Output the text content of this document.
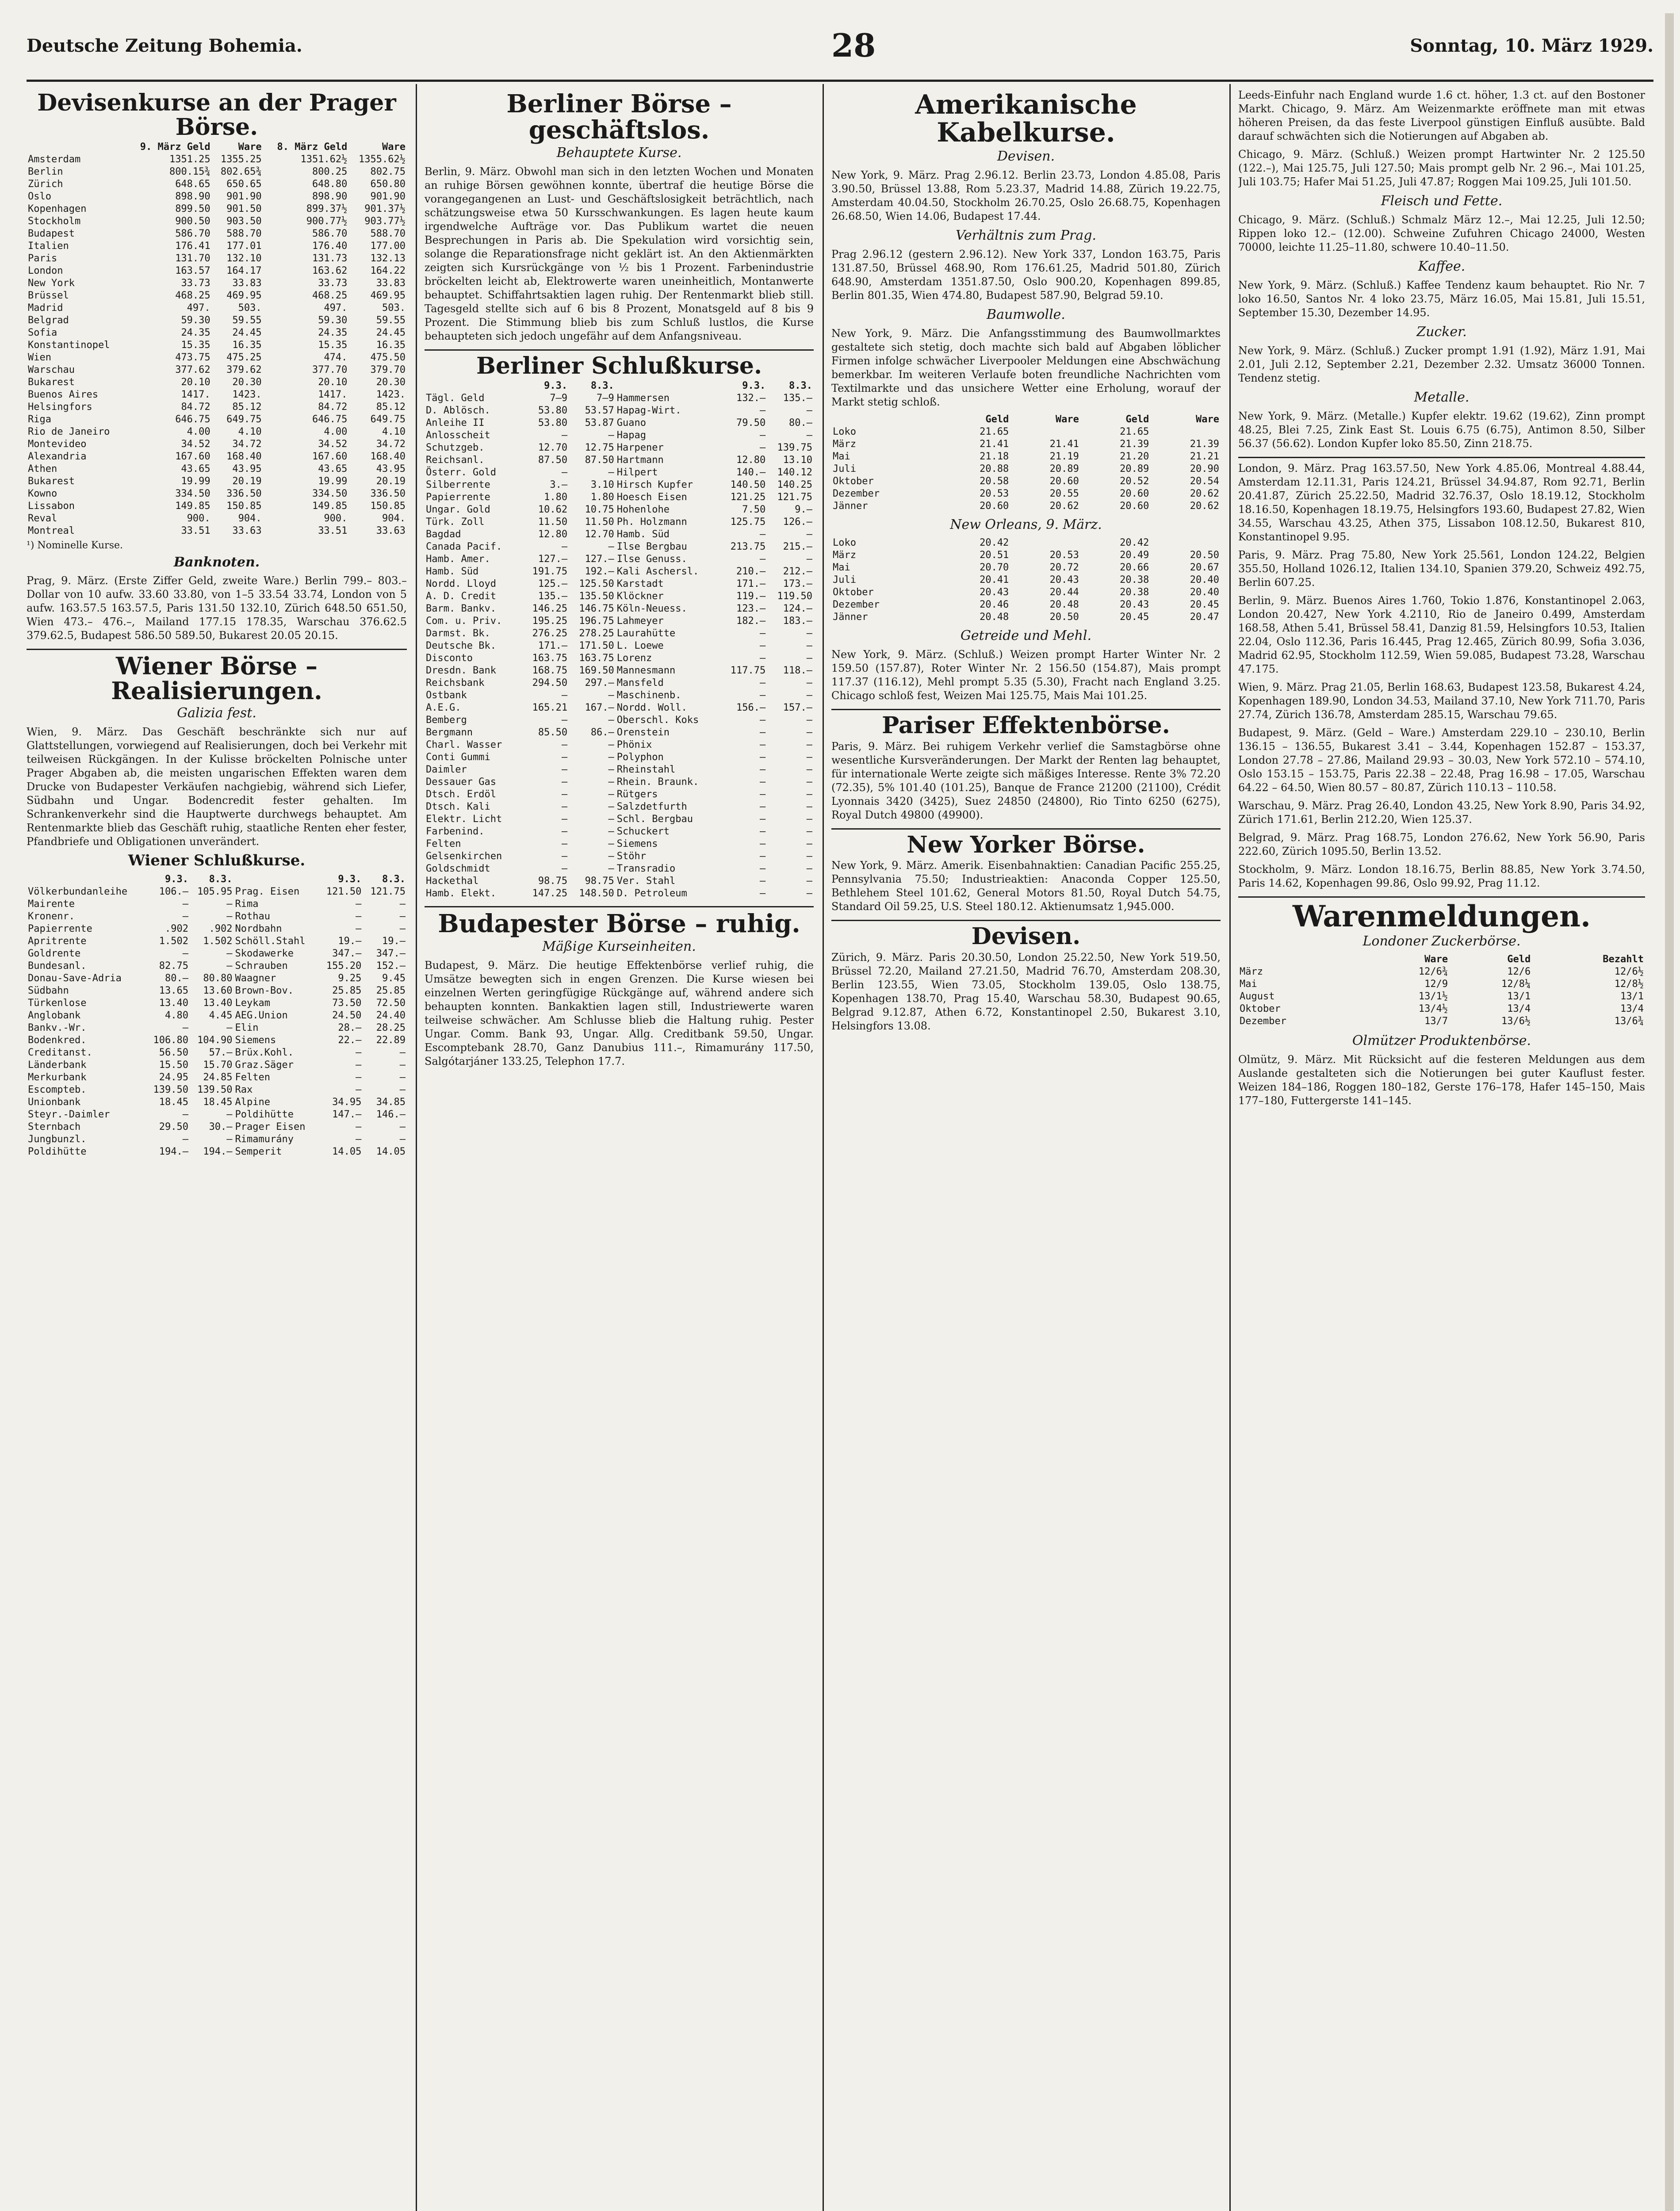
Deutsche Zeitung Bohemia.	28	Sonntag, 10. März 1929.
Devisenkurse an der Prager Börse.
	9. März Geld	Ware	8. März Geld	Ware
Amsterdam	1351.25	1355.25	1351.62½	1355.62½
Berlin	800.15¾	802.65¾	800.25	802.75
Zürich	648.65	650.65	648.80	650.80
Oslo	898.90	901.90	898.90	901.90
Kopenhagen	899.50	901.50	899.37½	901.37½
Stockholm	900.50	903.50	900.77½	903.77½
Budapest	586.70	588.70	586.70	588.70
Italien	176.41	177.01	176.40	177.00
Paris	131.70	132.10	131.73	132.13
London	163.57	164.17	163.62	164.22
New York	33.73	33.83	33.73	33.83
Brüssel	468.25	469.95	468.25	469.95
Madrid	497.	503.	497.	503.
Belgrad	59.30	59.55	59.30	59.55
Sofia	24.35	24.45	24.35	24.45
Konstantinopel	15.35	16.35	15.35	16.35
Wien	473.75	475.25	474.	475.50
Warschau	377.62	379.62	377.70	379.70
Bukarest	20.10	20.30	20.10	20.30
Buenos Aires	1417.	1423.	1417.	1423.
Helsingfors	84.72	85.12	84.72	85.12
Riga	646.75	649.75	646.75	649.75
Rio de Janeiro	4.00	4.10	4.00	4.10
Montevideo	34.52	34.72	34.52	34.72
Alexandria	167.60	168.40	167.60	168.40
Athen	43.65	43.95	43.65	43.95
Bukarest	19.99	20.19	19.99	20.19
Kowno	334.50	336.50	334.50	336.50
Lissabon	149.85	150.85	149.85	150.85
Reval	900.	904.	900.	904.
Montreal	33.51	33.63	33.51	33.63
¹) Nominelle Kurse.
Banknoten.

Prag, 9. März. (Erste Ziffer Geld, zweite Ware.) Berlin 799.– 803.– Dollar von 10 aufw. 33.60 33.80, von 1–5 33.54 33.74, London von 5 aufw. 163.57.5 163.57.5, Paris 131.50 132.10, Zürich 648.50 651.50, Wien 473.– 476.–, Mailand 177.15 178.35, Warschau 376.62.5 379.62.5, Budapest 586.50 589.50, Bukarest 20.05 20.15.

Wiener Börse – Realisierungen.
Galizia fest.

Wien, 9. März. Das Geschäft beschränkte sich nur auf Glattstellungen, vorwiegend auf Realisierungen, doch bei Verkehr mit teilweisen Rückgängen. In der Kulisse bröckelten Polnische unter Prager Abgaben ab, die meisten ungarischen Effekten waren dem Drucke von Budapester Verkäufen nachgiebig, während sich Liefer, Südbahn und Ungar. Bodencredit fester gehalten. Im Schrankenverkehr sind die Hauptwerte durchwegs behauptet. Am Rentenmarkte blieb das Geschäft ruhig, staatliche Renten eher fester, Pfandbriefe und Obligationen unverändert.

Wiener Schlußkurse.
	9.3.	8.3.		9.3.	8.3.
Völkerbundanleihe	106.–	105.95	Prag. Eisen	121.50	121.75
Mairente	–	–	Rima	–	–
Kronenr.	–	–	Rothau	–	–
Papierrente	.902	.902	Nordbahn	–	–
Apritrente	1.502	1.502	Schöll.Stahl	19.–	19.–
Goldrente	–	–	Skodawerke	347.–	347.–
Bundesanl.	82.75	–	Schrauben	155.20	152.–
Donau-Save-Adria	80.–	80.80	Waagner	9.25	9.45
Südbahn	13.65	13.60	Brown-Bov.	25.85	25.85
Türkenlose	13.40	13.40	Leykam	73.50	72.50
Anglobank	4.80	4.45	AEG.Union	24.50	24.40
Bankv.-Wr.	–	–	Elin	28.–	28.25
Bodenkred.	106.80	104.90	Siemens	22.–	22.89
Creditanst.	56.50	57.–	Brüx.Kohl.	–	–
Länderbank	15.50	15.70	Graz.Säger	–	–
Merkurbank	24.95	24.85	Felten	–	–
Escompteb.	139.50	139.50	Rax	–	–
Unionbank	18.45	18.45	Alpine	34.95	34.85
Steyr.-Daimler	–	–	Poldihütte	147.–	146.–
Sternbach	29.50	30.–	Prager Eisen	–	–
Jungbunzl.	–	–	Rimamurány	–	–
Poldihütte	194.–	194.–	Semperit	14.05	14.05
Berliner Börse – geschäftslos.
Behauptete Kurse.

Berlin, 9. März. Obwohl man sich in den letzten Wochen und Monaten an ruhige Börsen gewöhnen konnte, übertraf die heutige Börse die vorangegangenen an Lust- und Geschäftslosigkeit beträchtlich, nach schätzungsweise etwa 50 Kursschwankungen. Es lagen heute kaum irgendwelche Aufträge vor. Das Publikum wartet die neuen Besprechungen in Paris ab. Die Spekulation wird vorsichtig sein, solange die Reparationsfrage nicht geklärt ist. An den Aktienmärkten zeigten sich Kursrückgänge von ½ bis 1 Prozent. Farbenindustrie bröckelten leicht ab, Elektrowerte waren uneinheitlich, Montanwerte behauptet. Schiffahrtsaktien lagen ruhig. Der Rentenmarkt blieb still. Tagesgeld stellte sich auf 6 bis 8 Prozent, Monatsgeld auf 8 bis 9 Prozent. Die Stimmung blieb bis zum Schluß lustlos, die Kurse behaupteten sich jedoch ungefähr auf dem Anfangsniveau.

Berliner Schlußkurse.
	9.3.	8.3.		9.3.	8.3.
Tägl. Geld	7–9	7–9	Hammersen	132.–	135.–
D. Ablösch.	53.80	53.57	Hapag-Wirt.	–	–
Anleihe II	53.80	53.87	Guano	79.50	80.–
Anlosscheit	–	–	Hapag	–	–
Schutzgeb.	12.70	12.75	Harpener	–	139.75
Reichsanl.	87.50	87.50	Hartmann	12.80	13.10
Österr. Gold	–	–	Hilpert	140.–	140.12
Silberrente	3.–	3.10	Hirsch Kupfer	140.50	140.25
Papierrente	1.80	1.80	Hoesch Eisen	121.25	121.75
Ungar. Gold	10.62	10.75	Hohenlohe	7.50	9.–
Türk. Zoll	11.50	11.50	Ph. Holzmann	125.75	126.–
Bagdad	12.80	12.70	Hamb. Süd	–	–
Canada Pacif.	–	–	Ilse Bergbau	213.75	215.–
Hamb. Amer.	127.–	127.–	Ilse Genuss.	–	–
Hamb. Süd	191.75	192.–	Kali Aschersl.	210.–	212.–
Nordd. Lloyd	125.–	125.50	Karstadt	171.–	173.–
A. D. Credit	135.–	135.50	Klöckner	119.–	119.50
Barm. Bankv.	146.25	146.75	Köln-Neuess.	123.–	124.–
Com. u. Priv.	195.25	196.75	Lahmeyer	182.–	183.–
Darmst. Bk.	276.25	278.25	Laurahütte	–	–
Deutsche Bk.	171.–	171.50	L. Loewe	–	–
Disconto	163.75	163.75	Lorenz	–	–
Dresdn. Bank	168.75	169.50	Mannesmann	117.75	118.–
Reichsbank	294.50	297.–	Mansfeld	–	–
Ostbank	–	–	Maschinenb.	–	–
A.E.G.	165.21	167.–	Nordd. Woll.	156.–	157.–
Bemberg	–	–	Oberschl. Koks	–	–
Bergmann	85.50	86.–	Orenstein	–	–
Charl. Wasser	–	–	Phönix	–	–
Conti Gummi	–	–	Polyphon	–	–
Daimler	–	–	Rheinstahl	–	–
Dessauer Gas	–	–	Rhein. Braunk.	–	–
Dtsch. Erdöl	–	–	Rütgers	–	–
Dtsch. Kali	–	–	Salzdetfurth	–	–
Elektr. Licht	–	–	Schl. Bergbau	–	–
Farbenind.	–	–	Schuckert	–	–
Felten	–	–	Siemens	–	–
Gelsenkirchen	–	–	Stöhr	–	–
Goldschmidt	–	–	Transradio	–	–
Hackethal	98.75	98.75	Ver. Stahl	–	–
Hamb. Elekt.	147.25	148.50	D. Petroleum	–	–
Budapester Börse – ruhig.
Mäßige Kurseinheiten.

Budapest, 9. März. Die heutige Effektenbörse verlief ruhig, die Umsätze bewegten sich in engen Grenzen. Die Kurse wiesen bei einzelnen Werten geringfügige Rückgänge auf, während andere sich behaupten konnten. Bankaktien lagen still, Industriewerte waren teilweise schwächer. Am Schlusse blieb die Haltung ruhig. Pester Ungar. Comm. Bank 93, Ungar. Allg. Creditbank 59.50, Ungar. Escomptebank 28.70, Ganz Danubius 111.–, Rimamurány 117.50, Salgótarjáner 133.25, Telephon 17.7.

Amerikanische Kabelkurse.
Devisen.

New York, 9. März. Prag 2.96.12. Berlin 23.73, London 4.85.08, Paris 3.90.50, Brüssel 13.88, Rom 5.23.37, Madrid 14.88, Zürich 19.22.75, Amsterdam 40.04.50, Stockholm 26.70.25, Oslo 26.68.75, Kopenhagen 26.68.50, Wien 14.06, Budapest 17.44.

Verhältnis zum Prag.

Prag 2.96.12 (gestern 2.96.12). New York 337, London 163.75, Paris 131.87.50, Brüssel 468.90, Rom 176.61.25, Madrid 501.80, Zürich 648.90, Amsterdam 1351.87.50, Oslo 900.20, Kopenhagen 899.85, Berlin 801.35, Wien 474.80, Budapest 587.90, Belgrad 59.10.

Baumwolle.

New York, 9. März. Die Anfangsstimmung des Baumwollmarktes gestaltete sich stetig, doch machte sich bald auf Abgaben löblicher Firmen infolge schwächer Liverpooler Meldungen eine Abschwächung bemerkbar. Im weiteren Verlaufe boten freundliche Nachrichten vom Textilmarkte und das unsichere Wetter eine Erholung, worauf der Markt stetig schloß.

	Geld	Ware	Geld	Ware
Loko	21.65		21.65	
März	21.41	21.41	21.39	21.39
Mai	21.18	21.19	21.20	21.21
Juli	20.88	20.89	20.89	20.90
Oktober	20.58	20.60	20.52	20.54
Dezember	20.53	20.55	20.60	20.62
Jänner	20.60	20.62	20.60	20.62
New Orleans, 9. März.
Loko	20.42		20.42	
März	20.51	20.53	20.49	20.50
Mai	20.70	20.72	20.66	20.67
Juli	20.41	20.43	20.38	20.40
Oktober	20.43	20.44	20.38	20.40
Dezember	20.46	20.48	20.43	20.45
Jänner	20.48	20.50	20.45	20.47
Getreide und Mehl.

New York, 9. März. (Schluß.) Weizen prompt Harter Winter Nr. 2 159.50 (157.87), Roter Winter Nr. 2 156.50 (154.87), Mais prompt 117.37 (116.12), Mehl prompt 5.35 (5.30), Fracht nach England 3.25. Chicago schloß fest, Weizen Mai 125.75, Mais Mai 101.25.

Pariser Effektenbörse.

Paris, 9. März. Bei ruhigem Verkehr verlief die Samstagbörse ohne wesentliche Kursveränderungen. Der Markt der Renten lag behauptet, für internationale Werte zeigte sich mäßiges Interesse. Rente 3% 72.20 (72.35), 5% 101.40 (101.25), Banque de France 21200 (21100), Crédit Lyonnais 3420 (3425), Suez 24850 (24800), Rio Tinto 6250 (6275), Royal Dutch 49800 (49900).

New Yorker Börse.

New York, 9. März. Amerik. Eisenbahnaktien: Canadian Pacific 255.25, Pennsylvania 75.50; Industrieaktien: Anaconda Copper 125.50, Bethlehem Steel 101.62, General Motors 81.50, Royal Dutch 54.75, Standard Oil 59.25, U.S. Steel 180.12. Aktienumsatz 1,945.000.

Devisen.

Zürich, 9. März. Paris 20.30.50, London 25.22.50, New York 519.50, Brüssel 72.20, Mailand 27.21.50, Madrid 76.70, Amsterdam 208.30, Berlin 123.55, Wien 73.05, Stockholm 139.05, Oslo 138.75, Kopenhagen 138.70, Prag 15.40, Warschau 58.30, Budapest 90.65, Belgrad 9.12.87, Athen 6.72, Konstantinopel 2.50, Bukarest 3.10, Helsingfors 13.08.

Leeds-Einfuhr nach England wurde 1.6 ct. höher, 1.3 ct. auf den Bostoner Markt. Chicago, 9. März. Am Weizenmarkte eröffnete man mit etwas höheren Preisen, da das feste Liverpool günstigen Einfluß ausübte. Bald darauf schwächten sich die Notierungen auf Abgaben ab.

Chicago, 9. März. (Schluß.) Weizen prompt Hartwinter Nr. 2 125.50 (122.–), Mai 125.75, Juli 127.50; Mais prompt gelb Nr. 2 96.–, Mai 101.25, Juli 103.75; Hafer Mai 51.25, Juli 47.87; Roggen Mai 109.25, Juli 101.50.

Fleisch und Fette.

Chicago, 9. März. (Schluß.) Schmalz März 12.–, Mai 12.25, Juli 12.50; Rippen loko 12.– (12.00). Schweine Zufuhren Chicago 24000, Westen 70000, leichte 11.25–11.80, schwere 10.40–11.50.

Kaffee.

New York, 9. März. (Schluß.) Kaffee Tendenz kaum behauptet. Rio Nr. 7 loko 16.50, Santos Nr. 4 loko 23.75, März 16.05, Mai 15.81, Juli 15.51, September 15.30, Dezember 14.95.

Zucker.

New York, 9. März. (Schluß.) Zucker prompt 1.91 (1.92), März 1.91, Mai 2.01, Juli 2.12, September 2.21, Dezember 2.32. Umsatz 36000 Tonnen. Tendenz stetig.

Metalle.

New York, 9. März. (Metalle.) Kupfer elektr. 19.62 (19.62), Zinn prompt 48.25, Blei 7.25, Zink East St. Louis 6.75 (6.75), Antimon 8.50, Silber 56.37 (56.62). London Kupfer loko 85.50, Zinn 218.75.

London, 9. März. Prag 163.57.50, New York 4.85.06, Montreal 4.88.44, Amsterdam 12.11.31, Paris 124.21, Brüssel 34.94.87, Rom 92.71, Berlin 20.41.87, Zürich 25.22.50, Madrid 32.76.37, Oslo 18.19.12, Stockholm 18.16.50, Kopenhagen 18.19.75, Helsingfors 193.60, Budapest 27.82, Wien 34.55, Warschau 43.25, Athen 375, Lissabon 108.12.50, Bukarest 810, Konstantinopel 9.95.

Paris, 9. März. Prag 75.80, New York 25.561, London 124.22, Belgien 355.50, Holland 1026.12, Italien 134.10, Spanien 379.20, Schweiz 492.75, Berlin 607.25.

Berlin, 9. März. Buenos Aires 1.760, Tokio 1.876, Konstantinopel 2.063, London 20.427, New York 4.2110, Rio de Janeiro 0.499, Amsterdam 168.58, Athen 5.41, Brüssel 58.41, Danzig 81.59, Helsingfors 10.53, Italien 22.04, Oslo 112.36, Paris 16.445, Prag 12.465, Zürich 80.99, Sofia 3.036, Madrid 62.95, Stockholm 112.59, Wien 59.085, Budapest 73.28, Warschau 47.175.

Wien, 9. März. Prag 21.05, Berlin 168.63, Budapest 123.58, Bukarest 4.24, Kopenhagen 189.90, London 34.53, Mailand 37.10, New York 711.70, Paris 27.74, Zürich 136.78, Amsterdam 285.15, Warschau 79.65.

Budapest, 9. März. (Geld – Ware.) Amsterdam 229.10 – 230.10, Berlin 136.15 – 136.55, Bukarest 3.41 – 3.44, Kopenhagen 152.87 – 153.37, London 27.78 – 27.86, Mailand 29.93 – 30.03, New York 572.10 – 574.10, Oslo 153.15 – 153.75, Paris 22.38 – 22.48, Prag 16.98 – 17.05, Warschau 64.22 – 64.50, Wien 80.57 – 80.87, Zürich 110.13 – 110.58.

Warschau, 9. März. Prag 26.40, London 43.25, New York 8.90, Paris 34.92, Zürich 171.61, Berlin 212.20, Wien 125.37.

Belgrad, 9. März. Prag 168.75, London 276.62, New York 56.90, Paris 222.60, Zürich 1095.50, Berlin 13.52.

Stockholm, 9. März. London 18.16.75, Berlin 88.85, New York 3.74.50, Paris 14.62, Kopenhagen 99.86, Oslo 99.92, Prag 11.12.

Warenmeldungen.
Londoner Zuckerbörse.
	Ware	Geld	Bezahlt
März	12/6¾	12/6	12/6½
Mai	12/9	12/8¼	12/8½
August	13/1½	13/1	13/1
Oktober	13/4½	13/4	13/4
Dezember	13/7	13/6½	13/6¾
Olmützer Produktenbörse.

Olmütz, 9. März. Mit Rücksicht auf die festeren Meldungen aus dem Auslande gestalteten sich die Notierungen bei guter Kauflust fester. Weizen 184–186, Roggen 180–182, Gerste 176–178, Hafer 145–150, Mais 177–180, Futtergerste 141–145.
